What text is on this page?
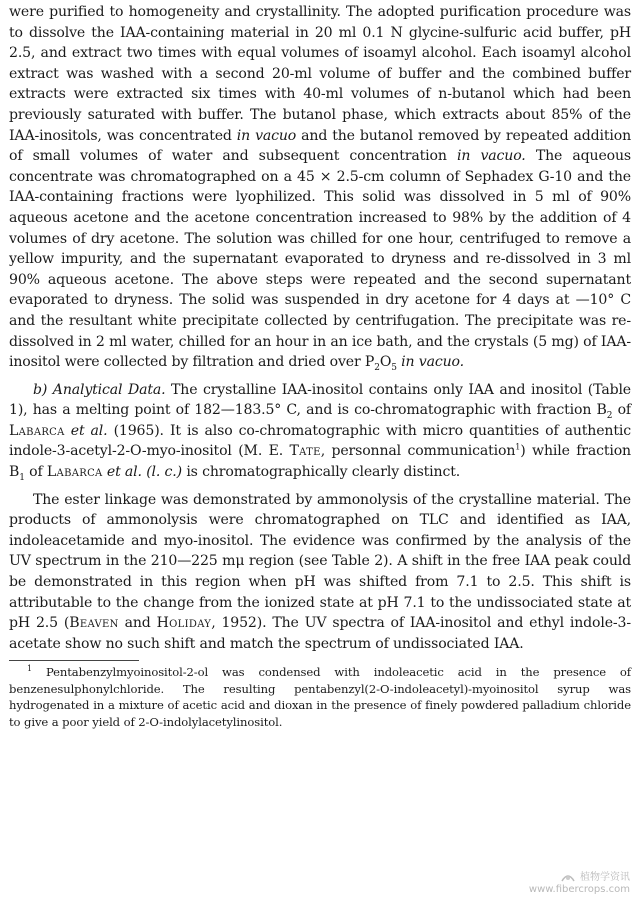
were purified to homogeneity and crystallinity. The adopted purification procedure was to dissolve the IAA-containing material in 20 ml 0.1 N glycine-sulfuric acid buffer, pH 2.5, and extract two times with equal volumes of isoamyl alcohol. Each isoamyl alcohol extract was washed with a second 20-ml volume of buffer and the combined buffer extracts were extracted six times with 40-ml volumes of n-butanol which had been previously saturated with buffer. The butanol phase, which extracts about 85% of the IAA-inositols, was concentrated in vacuo and the butanol removed by repeated addition of small volumes of water and subsequent concentration in vacuo. The aqueous concentrate was chromatographed on a 45 × 2.5-cm column of Sephadex G-10 and the IAA-containing fractions were lyophilized. This solid was dissolved in 5 ml of 90% aqueous acetone and the acetone concentration increased to 98% by the addition of 4 volumes of dry acetone. The solution was chilled for one hour, centrifuged to remove a yellow impurity, and the supernatant evaporated to dryness and re-dissolved in 3 ml 90% aqueous acetone. The above steps were repeated and the second supernatant evaporated to dryness. The solid was suspended in dry acetone for 4 days at —10° C and the resultant white precipitate collected by centrifugation. The precipitate was re-dissolved in 2 ml water, chilled for an hour in an ice bath, and the crystals (5 mg) of IAA-inositol were collected by filtration and dried over $P_2O_5$ in vacuo.

b) Analytical Data. The crystalline IAA-inositol contains only IAA and inositol (Table 1), has a melting point of 182—183.5° C, and is co-chromatographic with fraction $B_2$ of Labarca et al. (1965). It is also co-chromatographic with micro quantities of authentic indole-3-acetyl-2-O-myo-inositol (M. E. Tate, personnal communication$^1$) while fraction $B_1$ of Labarca et al. (l. c.) is chromatographically clearly distinct.

The ester linkage was demonstrated by ammonolysis of the crystalline material. The products of ammonolysis were chromatographed on TLC and identified as IAA, indoleacetamide and myo-inositol. The evidence was confirmed by the analysis of the UV spectrum in the 210—225 mμ region (see Table 2). A shift in the free IAA peak could be demonstrated in this region when pH was shifted from 7.1 to 2.5. This shift is attributable to the change from the ionized state at pH 7.1 to the undissociated state at pH 2.5 (Beaven and Holiday, 1952). The UV spectra of IAA-inositol and ethyl indole-3-acetate show no such shift and match the spectrum of undissociated IAA.

$^1$ Pentabenzylmyoinositol-2-ol was condensed with indoleacetic acid in the presence of benzenesulphonylchloride. The resulting pentabenzyl(2-O-indoleacetyl)-myoinositol syrup was hydrogenated in a mixture of acetic acid and dioxan in the presence of finely powdered palladium chloride to give a poor yield of 2-O-indolylacetylinositol.

植物学资讯
www.fibercrops.com
